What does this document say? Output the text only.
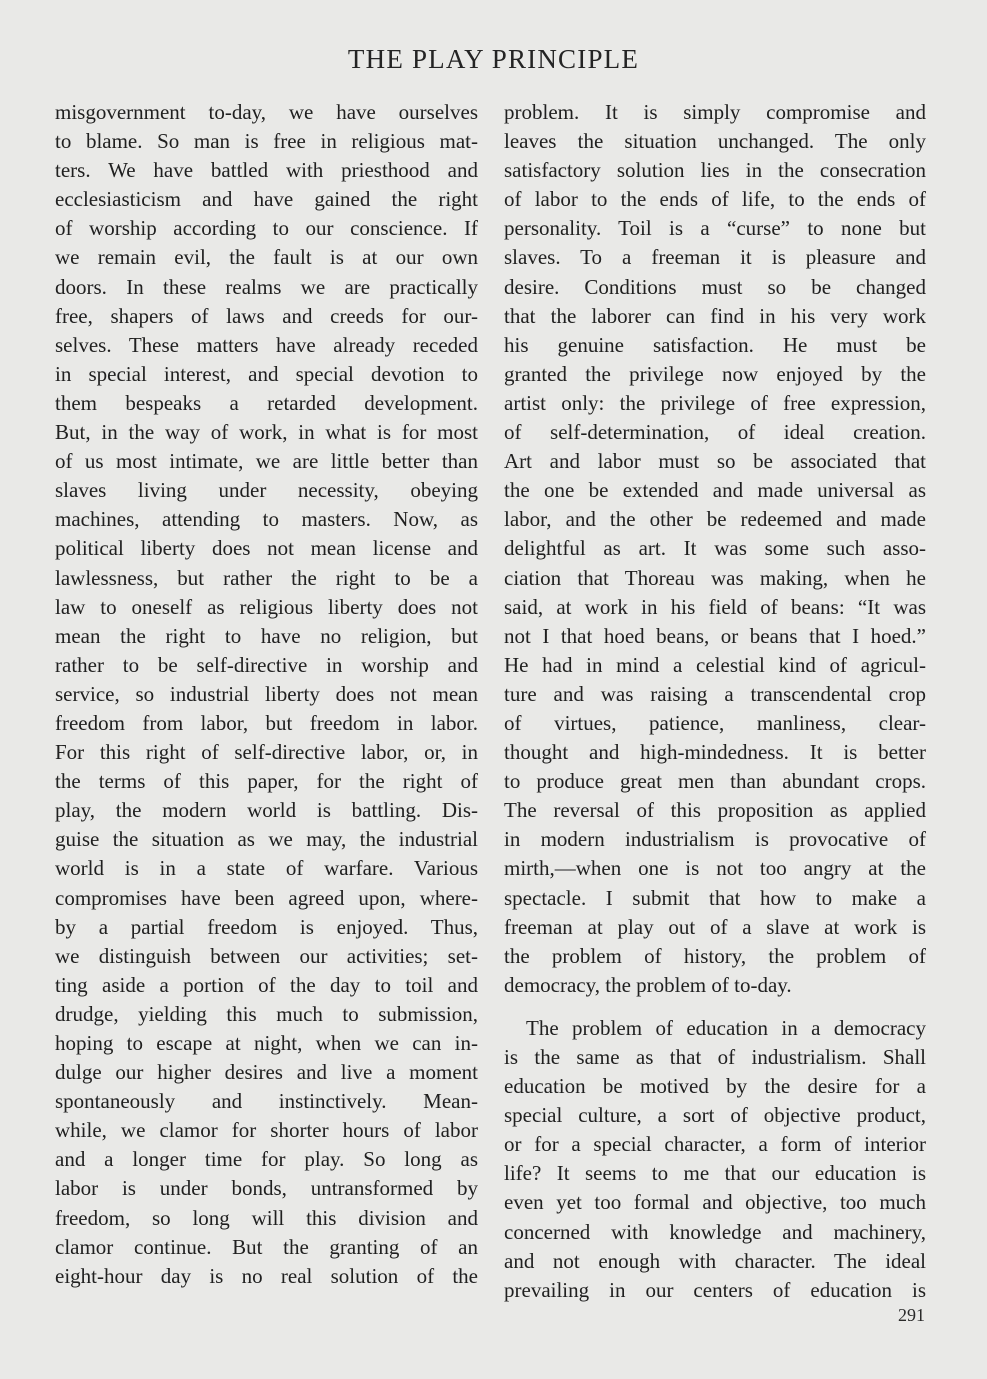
THE PLAY PRINCIPLE
misgovernment to-day, we have ourselves
to blame. So man is free in religious mat-
ters. We have battled with priesthood and
ecclesiasticism and have gained the right
of worship according to our conscience. If
we remain evil, the fault is at our own
doors. In these realms we are practically
free, shapers of laws and creeds for our-
selves. These matters have already receded
in special interest, and special devotion to
them bespeaks a retarded development.
But, in the way of work, in what is for most
of us most intimate, we are little better than
slaves living under necessity, obeying
machines, attending to masters. Now, as
political liberty does not mean license and
lawlessness, but rather the right to be a
law to oneself as religious liberty does not
mean the right to have no religion, but
rather to be self-directive in worship and
service, so industrial liberty does not mean
freedom from labor, but freedom in labor.
For this right of self-directive labor, or, in
the terms of this paper, for the right of
play, the modern world is battling. Dis-
guise the situation as we may, the industrial
world is in a state of warfare. Various
compromises have been agreed upon, where-
by a partial freedom is enjoyed. Thus,
we distinguish between our activities; set-
ting aside a portion of the day to toil and
drudge, yielding this much to submission,
hoping to escape at night, when we can in-
dulge our higher desires and live a moment
spontaneously and instinctively. Mean-
while, we clamor for shorter hours of labor
and a longer time for play. So long as
labor is under bonds, untransformed by
freedom, so long will this division and
clamor continue. But the granting of an
eight-hour day is no real solution of the
problem. It is simply compromise and
leaves the situation unchanged. The only
satisfactory solution lies in the consecration
of labor to the ends of life, to the ends of
personality. Toil is a “curse” to none but
slaves. To a freeman it is pleasure and
desire. Conditions must so be changed
that the laborer can find in his very work
his genuine satisfaction. He must be
granted the privilege now enjoyed by the
artist only: the privilege of free expression,
of self-determination, of ideal creation.
Art and labor must so be associated that
the one be extended and made universal as
labor, and the other be redeemed and made
delightful as art. It was some such asso-
ciation that Thoreau was making, when he
said, at work in his field of beans: “It was
not I that hoed beans, or beans that I hoed.”
He had in mind a celestial kind of agricul-
ture and was raising a transcendental crop
of virtues, patience, manliness, clear-
thought and high-mindedness. It is better
to produce great men than abundant crops.
The reversal of this proposition as applied
in modern industrialism is provocative of
mirth,—when one is not too angry at the
spectacle. I submit that how to make a
freeman at play out of a slave at work is
the problem of history, the problem of
democracy, the problem of to-day.
The problem of education in a democracy
is the same as that of industrialism. Shall
education be motived by the desire for a
special culture, a sort of objective product,
or for a special character, a form of interior
life? It seems to me that our education is
even yet too formal and objective, too much
concerned with knowledge and machinery,
and not enough with character. The ideal
prevailing in our centers of education is

291
